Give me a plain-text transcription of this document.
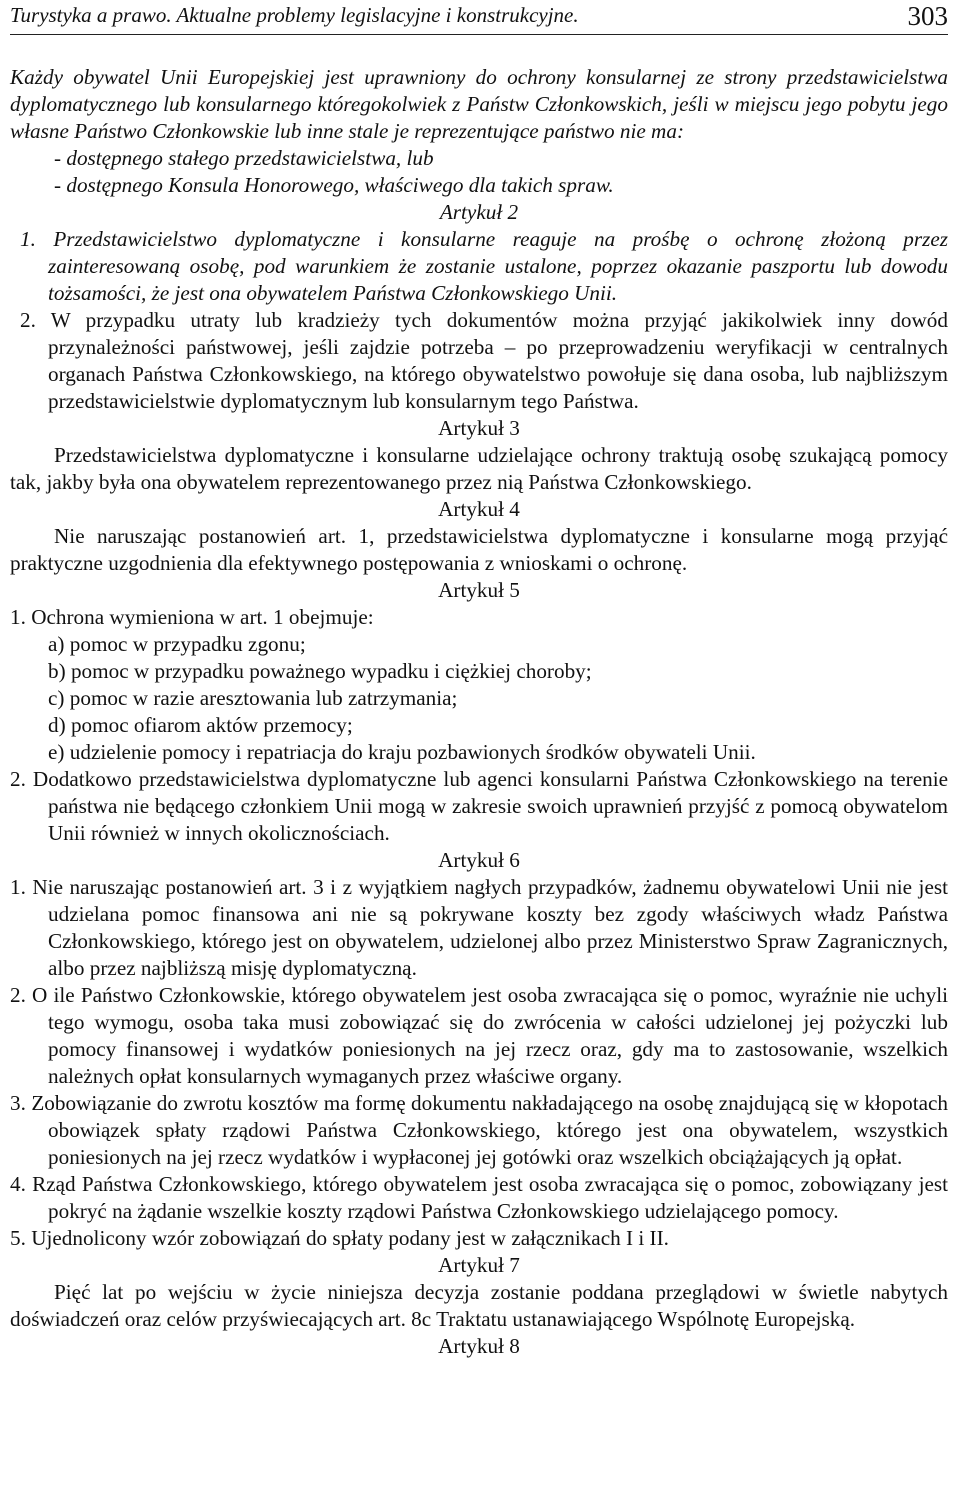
Turystyka a prawo. Aktualne problemy legislacyjne i konstrukcyjne.	303

Każdy obywatel Unii Europejskiej jest uprawniony do ochrony konsularnej ze strony przedstawicielstwa dyplomatycznego lub konsularnego któregokolwiek z Państw Członkowskich, jeśli w miejscu jego pobytu jego własne Państwo Członkowskie lub inne stale je reprezentujące państwo nie ma:

- dostępnego stałego przedstawicielstwa, lub

- dostępnego Konsula Honorowego, właściwego dla takich spraw.

Artykuł 2

1. Przedstawicielstwo dyplomatyczne i konsularne reaguje na prośbę o ochronę złożoną przez zainteresowaną osobę, pod warunkiem że zostanie ustalone, poprzez okazanie paszportu lub dowodu tożsamości, że jest ona obywatelem Państwa Członkowskiego Unii.

2. W przypadku utraty lub kradzieży tych dokumentów można przyjąć jakikolwiek inny dowód przynależności państwowej, jeśli zajdzie potrzeba – po przeprowadzeniu weryfikacji w centralnych organach Państwa Członkowskiego, na którego obywatelstwo powołuje się dana osoba, lub najbliższym przedstawicielstwie dyplomatycznym lub konsularnym tego Państwa.

Artykuł 3

Przedstawicielstwa dyplomatyczne i konsularne udzielające ochrony traktują osobę szukającą pomocy tak, jakby była ona obywatelem reprezentowanego przez nią Państwa Członkowskiego.

Artykuł 4

Nie naruszając postanowień art. 1, przedstawicielstwa dyplomatyczne i konsularne mogą przyjąć praktyczne uzgodnienia dla efektywnego postępowania z wnioskami o ochronę.

Artykuł 5

1. Ochrona wymieniona w art. 1 obejmuje:

a) pomoc w przypadku zgonu;

b) pomoc w przypadku poważnego wypadku i ciężkiej choroby;

c) pomoc w razie aresztowania lub zatrzymania;

d) pomoc ofiarom aktów przemocy;

e) udzielenie pomocy i repatriacja do kraju pozbawionych środków obywateli Unii.

2. Dodatkowo przedstawicielstwa dyplomatyczne lub agenci konsularni Państwa Członkowskiego na terenie państwa nie będącego członkiem Unii mogą w zakresie swoich uprawnień przyjść z pomocą obywatelom Unii również w innych okolicznościach.

Artykuł 6

1. Nie naruszając postanowień art. 3 i z wyjątkiem nagłych przypadków, żadnemu obywatelowi Unii nie jest udzielana pomoc finansowa ani nie są pokrywane koszty bez zgody właściwych władz Państwa Członkowskiego, którego jest on obywatelem, udzielonej albo przez Ministerstwo Spraw Zagranicznych, albo przez najbliższą misję dyplomatyczną.

2. O ile Państwo Członkowskie, którego obywatelem jest osoba zwracająca się o pomoc, wyraźnie nie uchyli tego wymogu, osoba taka musi zobowiązać się do zwrócenia w całości udzielonej jej pożyczki lub pomocy finansowej i wydatków poniesionych na jej rzecz oraz, gdy ma to zastosowanie, wszelkich należnych opłat konsularnych wymaganych przez właściwe organy.

3. Zobowiązanie do zwrotu kosztów ma formę dokumentu nakładającego na osobę znajdującą się w kłopotach obowiązek spłaty rządowi Państwa Członkowskiego, którego jest ona obywatelem, wszystkich poniesionych na jej rzecz wydatków i wypłaconej jej gotówki oraz wszelkich obciążających ją opłat.

4. Rząd Państwa Członkowskiego, którego obywatelem jest osoba zwracająca się o pomoc, zobowiązany jest pokryć na żądanie wszelkie koszty rządowi Państwa Członkowskiego udzielającego pomocy.

5. Ujednolicony wzór zobowiązań do spłaty podany jest w załącznikach I i II.

Artykuł 7

Pięć lat po wejściu w życie niniejsza decyzja zostanie poddana przeglądowi w świetle nabytych doświadczeń oraz celów przyświecających art. 8c Traktatu ustanawiającego Wspólnotę Europejską.

Artykuł 8
